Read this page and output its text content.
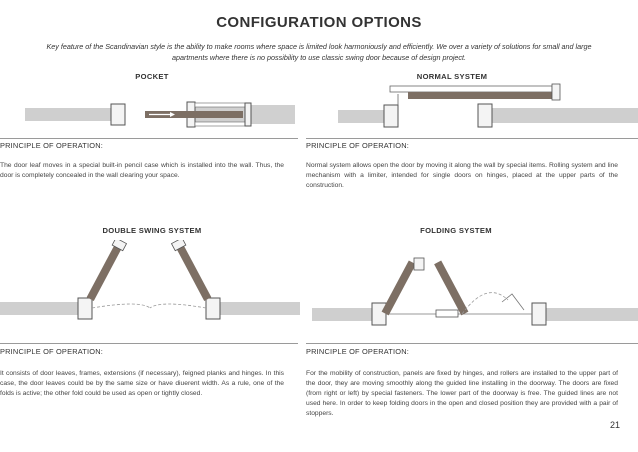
CONFIGURATION OPTIONS
Key feature of the Scandinavian style is the ability to make rooms where space is limited look harmoniously and efficiently. We over a variety of solutions for small and large apartments where there is no possibility to use classic swing door because of design project.
POCKET
PRINCIPLE OF OPERATION:
The door leaf moves in a special built-in pencil case which is installed into the wall. Thus, the door is completely concealed in the wall clearing your space.
NORMAL SYSTEM
PRINCIPLE OF OPERATION:
Normal system allows open the door by moving it along the wall by special items. Rolling system and line mechanism with a limiter, intended for single doors on hinges, placed at the upper parts of the construction.
DOUBLE SWING SYSTEM
PRINCIPLE OF OPERATION:
It consists of door leaves, frames, extensions (if necessary), feigned planks and hinges. In this case, the door leaves could be by the same size or have diuerent width. As a rule, one of the folds is active; the other fold could be used as open or tightly closed.
FOLDING SYSTEM
PRINCIPLE OF OPERATION:
For the mobility of construction, panels are fixed by hinges, and rollers are installed to the upper part of the door, they are moving smoothly along the guided line installing in the doorway. The doors are fixed (from right or left) by special fasteners. The lower part of the doorway is free. The guided lines are not used here. In order to keep folding doors in the open and closed position they are provided with a pair of stoppers.
21
